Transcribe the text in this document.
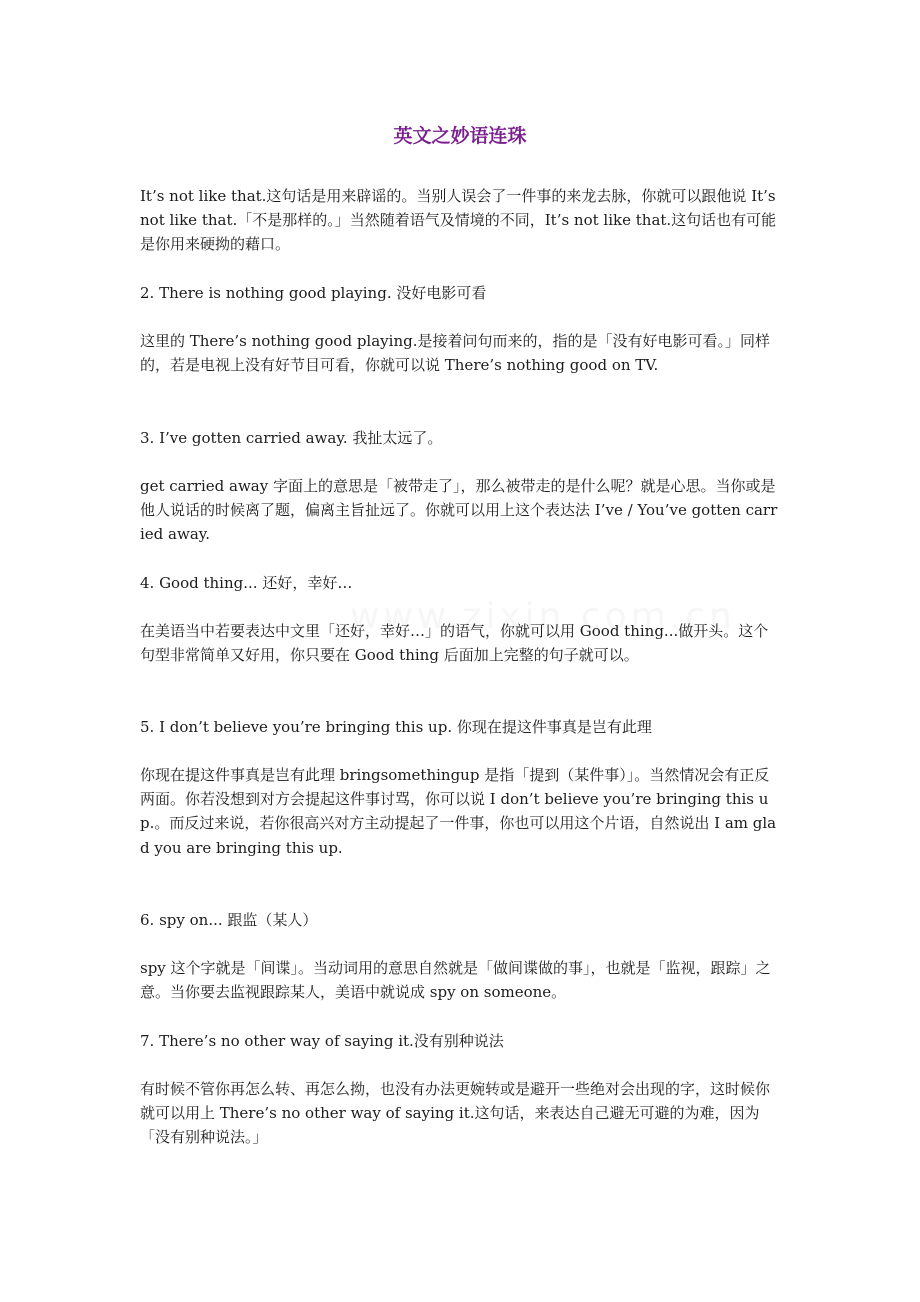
英文之妙语连珠

It’s not like that.这句话是用来辟谣的。当别人误会了一件事的来龙去脉，你就可以跟他说 It’s not like that.「不是那样的。」当然随着语气及情境的不同，It’s not like that.这句话也有可能是你用来硬拗的藉口。

2. There is nothing good playing. 没好电影可看

这里的 There’s nothing good playing.是接着问句而来的，指的是「没有好电影可看。」同样的，若是电视上没有好节目可看，你就可以说 There’s nothing good on TV.

3. I’ve gotten carried away. 我扯太远了。

get carried away 字面上的意思是「被带走了」，那么被带走的是什么呢？就是心思。当你或是他人说话的时候离了题，偏离主旨扯远了。你就可以用上这个表达法 I’ve / You’ve gotten carried away.

4. Good thing... 还好，幸好…

在美语当中若要表达中文里「还好，幸好…」的语气，你就可以用 Good thing...做开头。这个句型非常简单又好用，你只要在 Good thing 后面加上完整的句子就可以。

5. I don’t believe you’re bringing this up. 你现在提这件事真是岂有此理

你现在提这件事真是岂有此理 bringsomethingup 是指「提到（某件事）」。当然情况会有正反两面。你若没想到对方会提起这件事讨骂，你可以说 I don’t believe you’re bringing this up.。而反过来说，若你很高兴对方主动提起了一件事，你也可以用这个片语，自然说出 I am glad you are bringing this up.

6. spy on... 跟监（某人）

spy 这个字就是「间谍」。当动词用的意思自然就是「做间谍做的事」，也就是「监视，跟踪」之意。当你要去监视跟踪某人，美语中就说成 spy on someone。

7. There’s no other way of saying it.没有别种说法

有时候不管你再怎么转、再怎么拗，也没有办法更婉转或是避开一些绝对会出现的字，这时候你就可以用上 There’s no other way of saying it.这句话，来表达自己避无可避的为难，因为「没有别种说法。」
